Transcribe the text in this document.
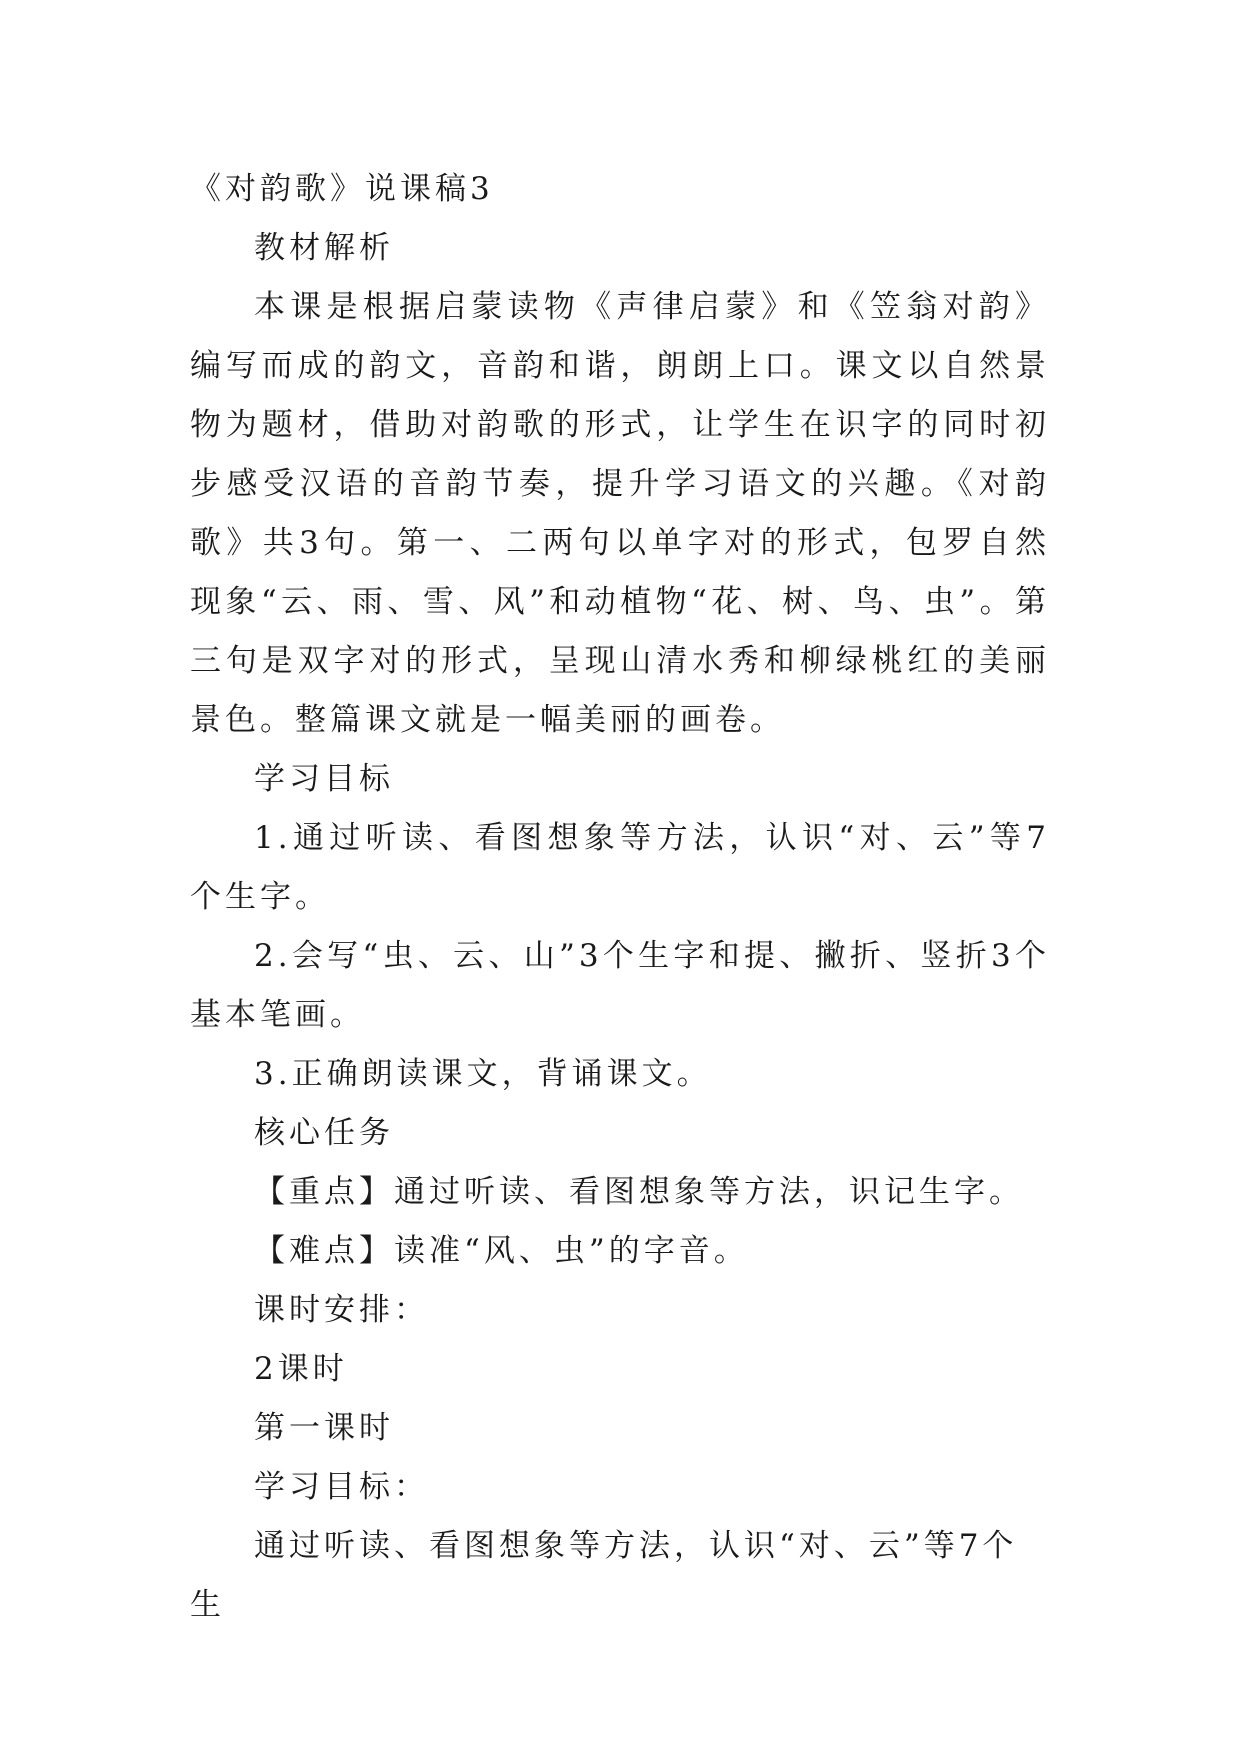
《对韵歌》说课稿3

教材解析

本课是根据启蒙读物《声律启蒙》和《笠翁对韵》编写而成的韵文，音韵和谐，朗朗上口。课文以自然景物为题材，借助对韵歌的形式，让学生在识字的同时初步感受汉语的音韵节奏，提升学习语文的兴趣。《对韵歌》共3句。第一、二两句以单字对的形式，包罗自然现象“云、雨、雪、风”和动植物“花、树、鸟、虫”。第三句是双字对的形式，呈现山清水秀和柳绿桃红的美丽景色。整篇课文就是一幅美丽的画卷。

学习目标

1.通过听读、看图想象等方法，认识“对、云”等7个生字。

2.会写“虫、云、山”3个生字和提、撇折、竖折3个基本笔画。

3.正确朗读课文，背诵课文。

核心任务

【重点】通过听读、看图想象等方法，识记生字。

【难点】读准“风、虫”的字音。

课时安排：

2课时

第一课时

学习目标：

通过听读、看图想象等方法，认识“对、云”等7个生
